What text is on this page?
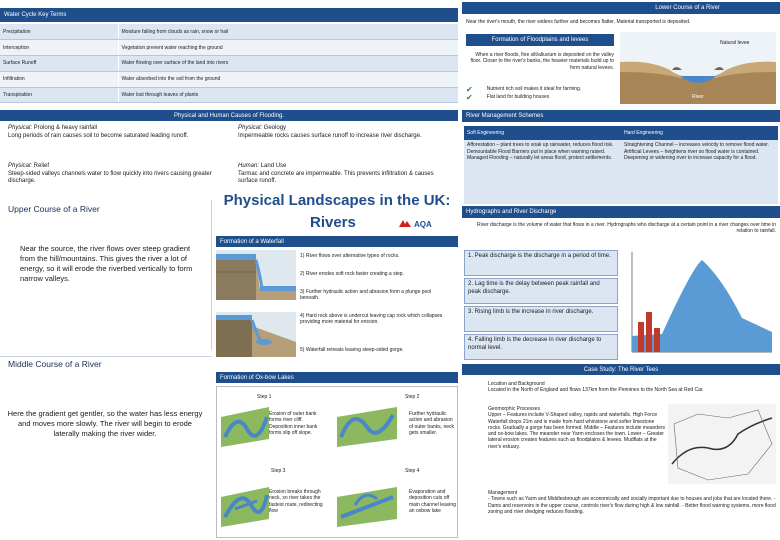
Water Cycle Key Terms
Precipitation	Moisture falling from clouds as rain, snow or hail
Interception	Vegetation prevent water reaching the ground
Surface Runoff	Water flowing over surface of the land into rivers
Infiltration	Water absorbed into the soil from the ground
Transpiration	Water lost through leaves of plants
Physical and Human Causes of Flooding.
Physical: Prolong & heavy rainfall
Long periods of rain causes soil to become saturated leading runoff.
Physical: Geology
Impermeable rocks causes surface runoff to increase river discharge.
Physical: Relief
Steep-sided valleys channels water to flow quickly into rivers causing greater discharge.
Human: Land Use
Tarmac and concrete are impermeable. This prevents infiltration & causes surface runoff.
Upper Course of a River
Near the source, the river flows over steep gradient from the hill/mountains. This gives the river a lot of energy, so it will erode the riverbed vertically to form narrow valleys.
Physical Landscapes in the UK:
Rivers	AQA
Formation of a Waterfall
1) River flows over alternative types of rocks.
2) River erodes soft rock faster creating a step.
3) Further hydraulic action and abrasion form a plunge pool beneath.
4) Hard rock above is undercut leaving cap rock which collapses providing more material for erosion.
5) Waterfall retreats leaving steep-sided gorge.
Middle Course of a River
Here the gradient get gentler, so the water has less energy and moves more slowly. The river will begin to erode laterally making the river wider.
Formation of Ox-bow Lakes
Step 1	Step 2
Erosion of outer bank forms river cliff. Deposition inner bank forms slip off slope.
Further hydraulic action and abrasion of outer banks, neck gets smaller.
Step 3	Step 4
Erosion breaks through neck, so river takes the fastest route, redirecting flow
Evaporation and deposition cuts off main channel leaving an oxbow lake
Lower Course of a River
Near the river's mouth, the river widens further and becomes flatter. Material transported is deposited.
Formation of Floodplains and levees
When a river floods, fine silt/alluvium is deposited on the valley floor. Closer to the river's banks, the heavier materials build up to form natural levees.
✔	Nutrient rich soil makes it ideal for farming.
✔	Flat land for building houses
Natural levee
River
River Management Schemes
Soft Engineering	Hard Engineering
Afforestation – plant trees to soak up rainwater, reduces flood risk. Demountable Flood Barriers put in place when warning raised. Managed Flooding – naturally let areas flood, protect settlements.	Straightening Channel – increases velocity to remove flood water. Artificial Levees – heightens river so flood water is contained. Deepening or widening river to increase capacity for a flood.
Hydrographs and River Discharge
River discharge is the volume of water that flows in a river. Hydrographs who discharge at a certain point in a river changes over time in relation to rainfall.
1. Peak discharge is the discharge in a period of time.
2. Lag time is the delay between peak rainfall and peak discharge.
3. Rising limb is the increase in river discharge.
4. Falling limb is the decrease in river discharge to normal level.
Case Study: The River Tees
Location and Background
Located in the North of England and flows 137km from the Pennines to the North Sea at Red Car.
Geomorphic Processes
Upper – Features include V-Shaped valley, rapids and waterfalls. High Force Waterfall drops 21m and is made from hard whinstone and softer limestone rocks. Gradually a gorge has been formed. Middle – Features include meanders and ox-bow lakes. The meander near Yarm encloses the town. Lower – Greater lateral erosion creates features such as floodplains & levees. Mudflats at the river's estuary.
Management
- Towns such as Yarm and Middlesbrough are economically and socially important due to houses and jobs that are located there. - Dams and reservoirs in the upper course, controls river's flow during high & low rainfall. - Better flood warning systems, more flood zoning and river dredging reduces flooding.
